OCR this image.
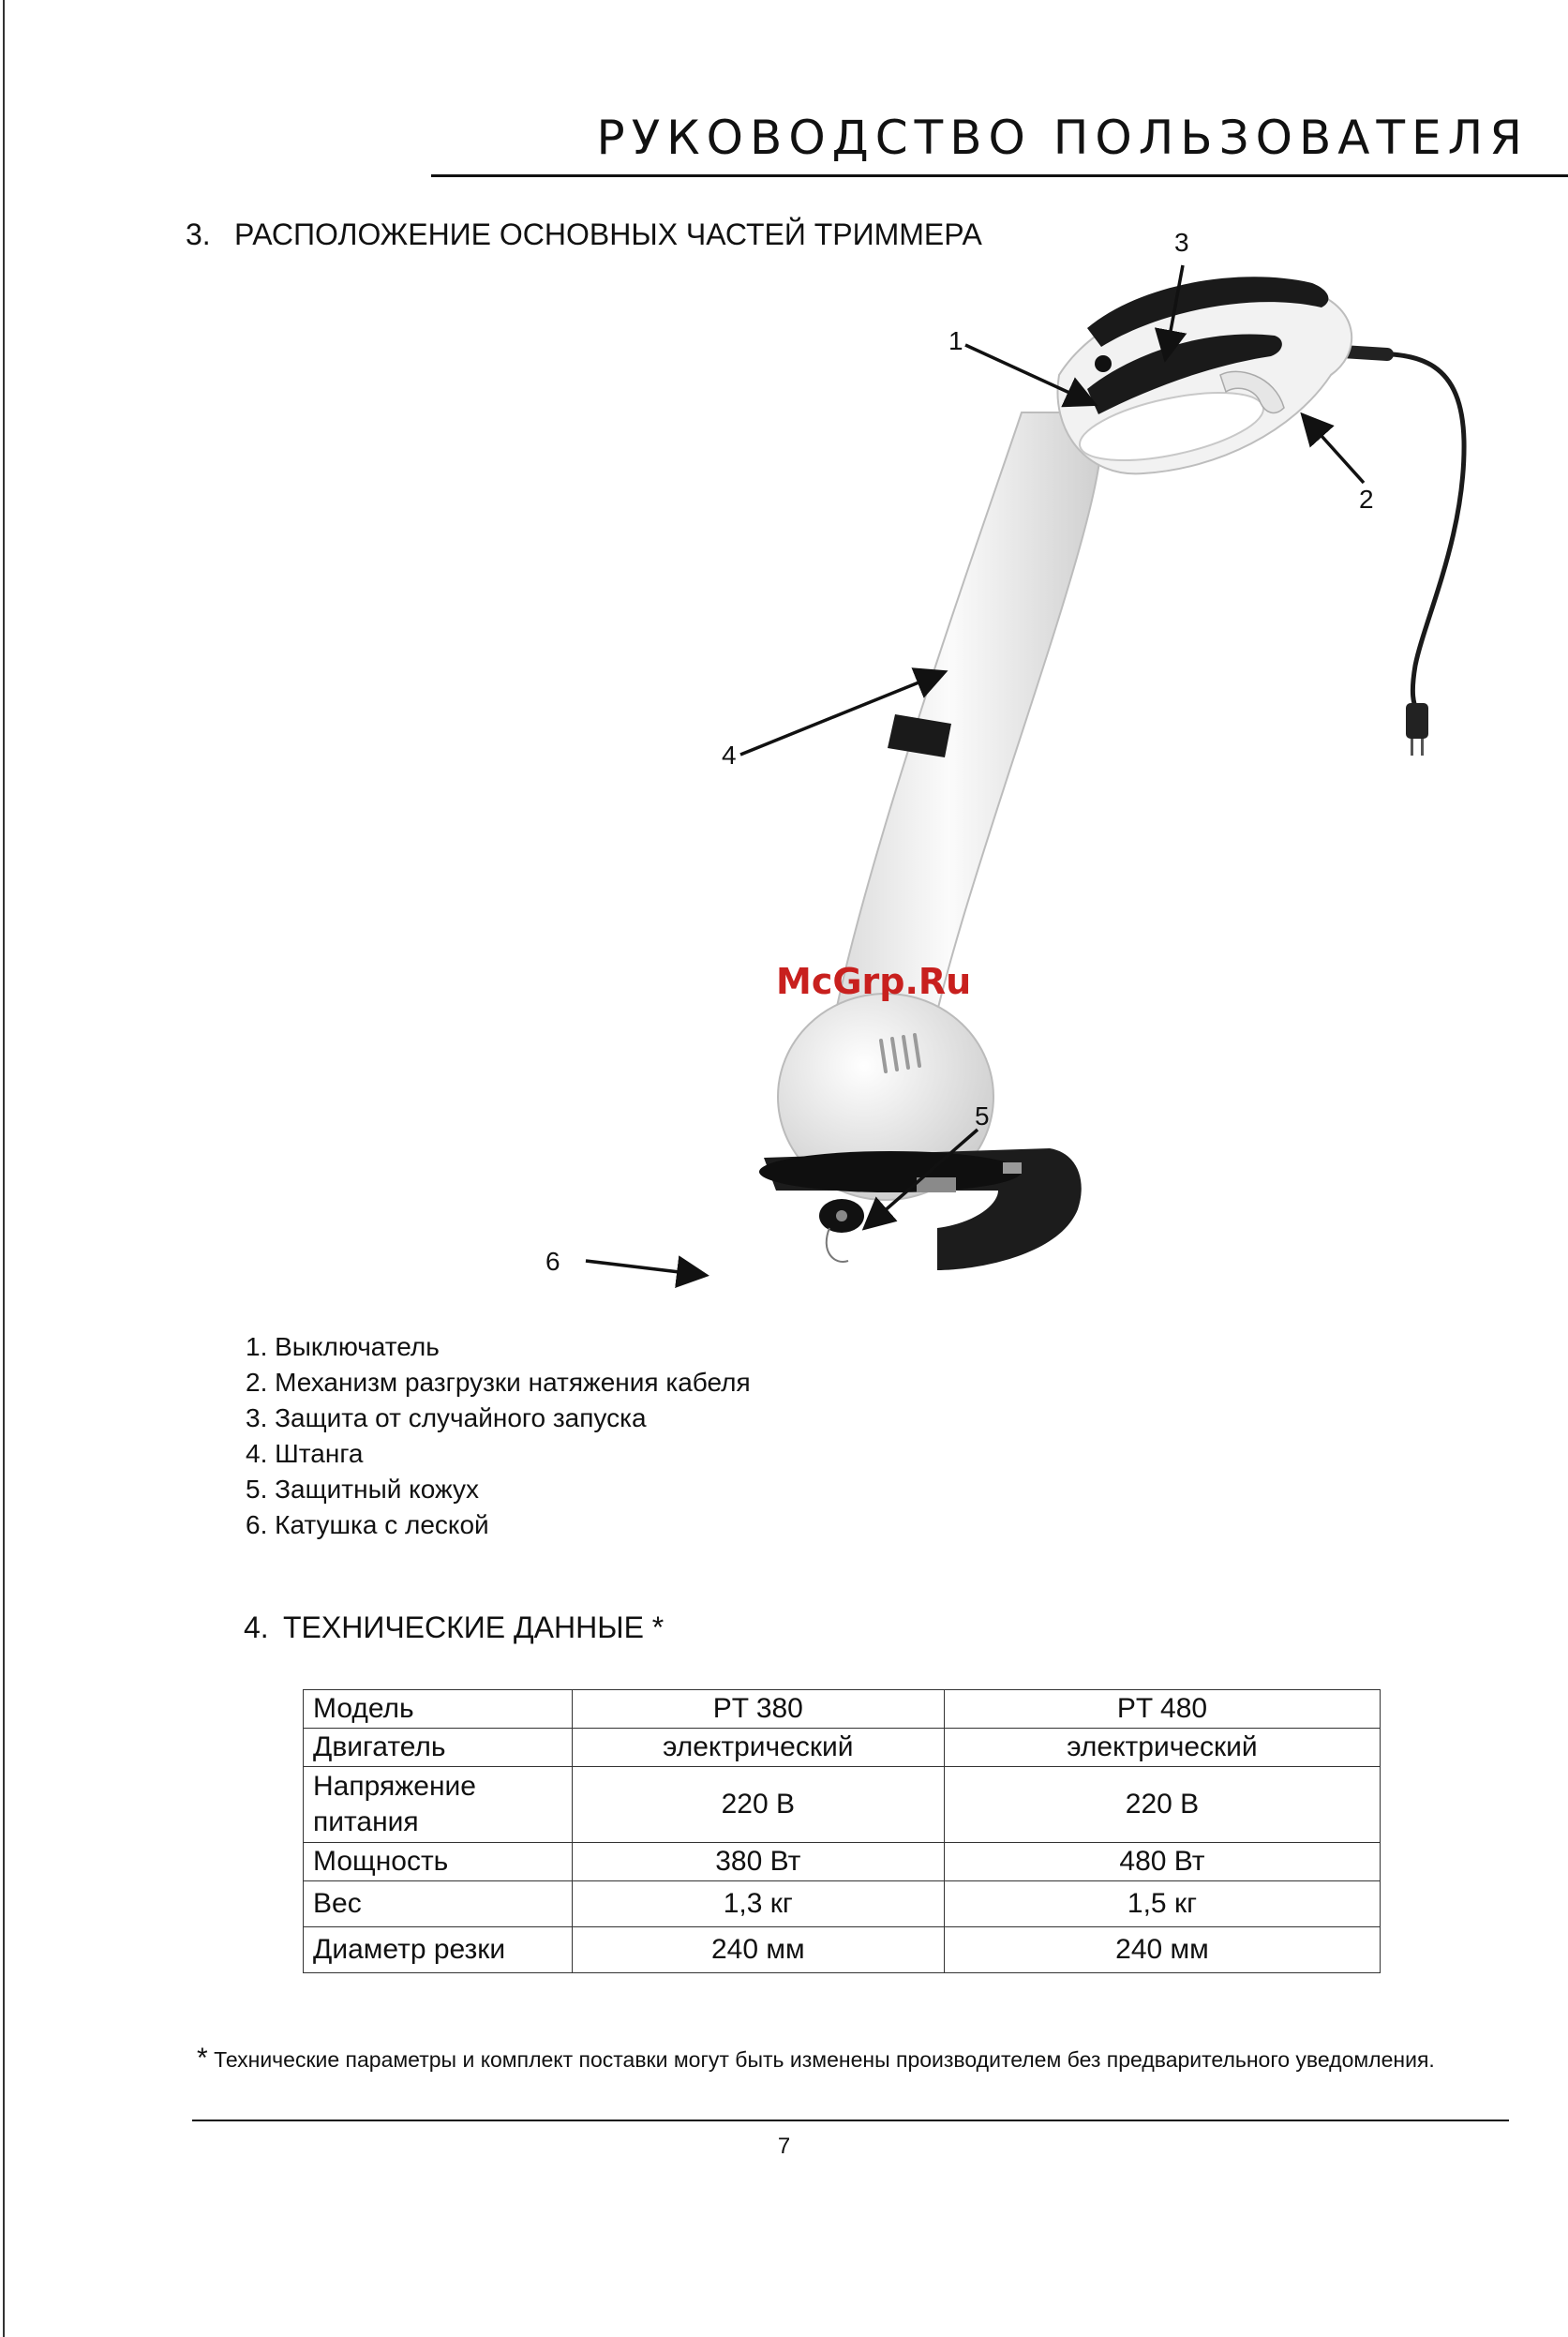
РУКОВОДСТВО ПОЛЬЗОВАТЕЛЯ
3. РАСПОЛОЖЕНИЕ ОСНОВНЫХ ЧАСТЕЙ ТРИММЕРА
McGrp.Ru
1
2
3
4
5
6
1. Выключатель
2. Механизм разгрузки натяжения кабеля
3. Защита от случайного запуска
4. Штанга
5. Защитный кожух
6. Катушка с леской
4. ТЕХНИЧЕСКИЕ ДАННЫЕ *
Модель	PT 380	PT 480
Двигатель	электрический	электрический
Напряжение питания	220 В	220 В
Мощность	380 Вт	480 Вт
Вес	1,3 кг	1,5 кг
Диаметр резки	240 мм	240 мм
* Технические параметры и комплект поставки могут быть изменены производителем без предварительного уведомления.
7
